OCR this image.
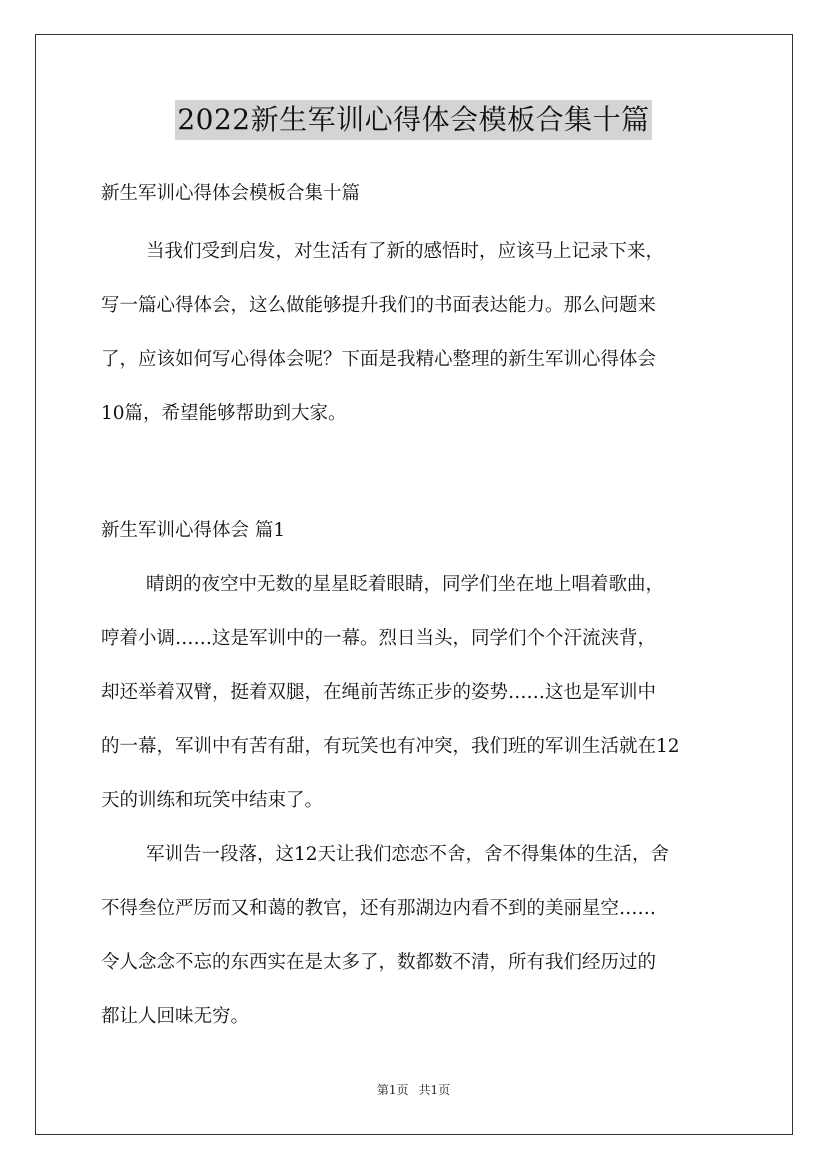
2022新生军训心得体会模板合集十篇
新生军训心得体会模板合集十篇
当我们受到启发，对生活有了新的感悟时，应该马上记录下来，
写一篇心得体会，这么做能够提升我们的书面表达能力。那么问题来
了，应该如何写心得体会呢？下面是我精心整理的新生军训心得体会
10篇，希望能够帮助到大家。
新生军训心得体会 篇1
晴朗的夜空中无数的星星眨着眼睛，同学们坐在地上唱着歌曲，
哼着小调……这是军训中的一幕。烈日当头，同学们个个汗流浃背，
却还举着双臂，挺着双腿，在绳前苦练正步的姿势……这也是军训中
的一幕，军训中有苦有甜，有玩笑也有冲突，我们班的军训生活就在12
天的训练和玩笑中结束了。
军训告一段落，这12天让我们恋恋不舍，舍不得集体的生活，舍
不得叁位严厉而又和蔼的教官，还有那湖边内看不到的美丽星空……
令人念念不忘的东西实在是太多了，数都数不清，所有我们经历过的
都让人回味无穷。
第1页 共1页
